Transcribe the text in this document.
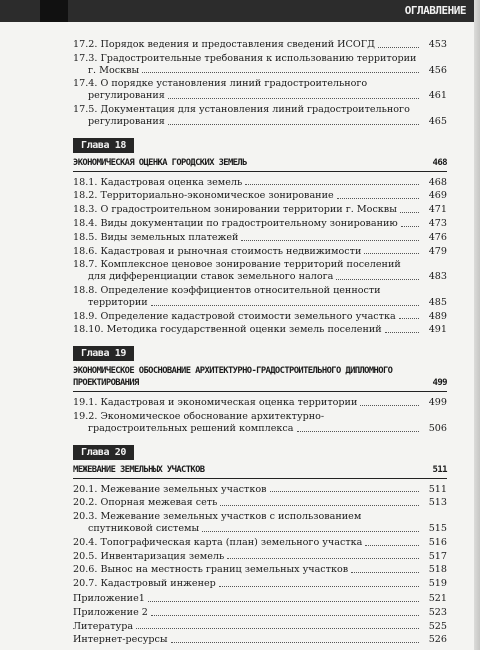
ОГЛАВЛЕНИЕ
17.2. Порядок ведения и предоставления сведений ИСОГД	453
17.3. Градостроительные требования к использованию территории г. Москвы	456
17.4. О порядке установления линий градостроительного регулирования	461
17.5. Документация для установления линий градостроительного регулирования	465
Глава 18
ЭКОНОМИЧЕСКАЯ ОЦЕНКА ГОРОДСКИХ ЗЕМЕЛЬ	468
18.1. Кадастровая оценка земель	468
18.2. Территориально-экономическое зонирование	469
18.3. О градостроительном зонировании территории г. Москвы	471
18.4. Виды документации по градостроительному зонированию	473
18.5. Виды земельных платежей	476
18.6. Кадастровая и рыночная стоимость недвижимости	479
18.7. Комплексное ценовое зонирование территорий поселений для дифференциации ставок земельного налога	483
18.8. Определение коэффициентов относительной ценности территории	485
18.9. Определение кадастровой стоимости земельного участка	489
18.10. Методика государственной оценки земель поселений	491
Глава 19
ЭКОНОМИЧЕСКОЕ ОБОСНОВАНИЕ АРХИТЕКТУРНО-ГРАДОСТРОИТЕЛЬНОГО ДИПЛОМНОГО ПРОЕКТИРОВАНИЯ	499
19.1. Кадастровая и экономическая оценка территории	499
19.2. Экономическое обоснование архитектурно-градостроительных решений комплекса	506
Глава 20
МЕЖЕВАНИЕ ЗЕМЕЛЬНЫХ УЧАСТКОВ	511
20.1. Межевание земельных участков	511
20.2. Опорная межевая сеть	513
20.3. Межевание земельных участков с использованием спутниковой системы	515
20.4. Топографическая карта (план) земельного участка	516
20.5. Инвентаризация земель	517
20.6. Вынос на местность границ земельных участков	518
20.7. Кадастровый инженер	519
Приложение1	521
Приложение 2	523
Литература	525
Интернет-ресурсы	526
